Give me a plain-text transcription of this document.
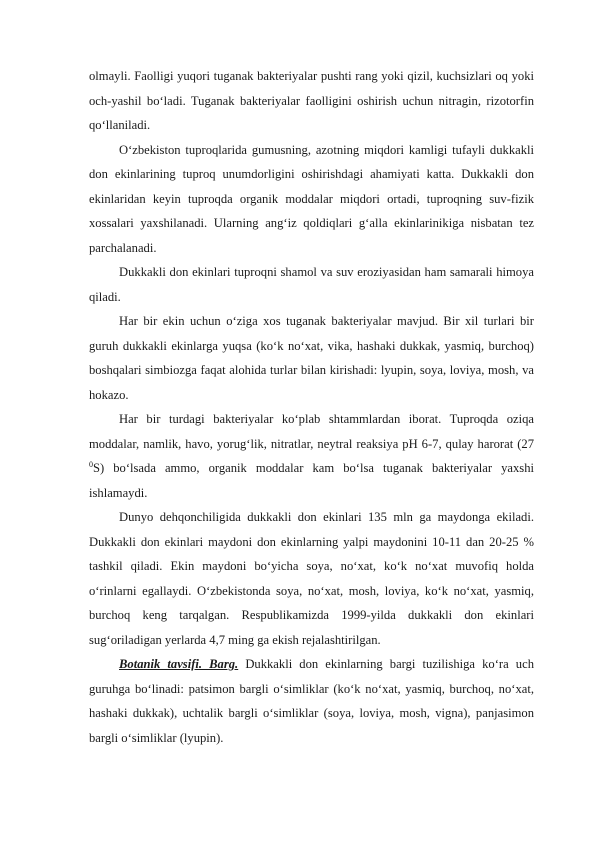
olmayli. Faolligi yuqori tuganak bakteriyalar pushti rang yoki qizil, kuchsizlari oq yoki och-yashil boʻladi. Tuganak bakteriyalar faolligini oshirish uchun nitragin, rizotorfin qoʻllaniladi.

Oʻzbekiston tuproqlarida gumusning, azotning miqdori kamligi tufayli dukkakli don ekinlarining tuproq unumdorligini oshirishdagi ahamiyati katta. Dukkakli don ekinlaridan keyin tuproqda organik moddalar miqdori ortadi, tuproqning suv-fizik xossalari yaxshilanadi. Ularning angʻiz qoldiqlari gʻalla ekinlarinikiga nisbatan tez parchalanadi.

Dukkakli don ekinlari tuproqni shamol va suv eroziyasidan ham samarali himoya qiladi.

Har bir ekin uchun oʻziga xos tuganak bakteriyalar mavjud. Bir xil turlari bir guruh dukkakli ekinlarga yuqsa (koʻk noʻxat, vika, hashaki dukkak, yasmiq, burchoq) boshqalari simbiozga faqat alohida turlar bilan kirishadi: lyupin, soya, loviya, mosh, va hokazo.

Har bir turdagi bakteriyalar koʻplab shtammlardan iborat. Tuproqda oziqa moddalar, namlik, havo, yorugʻlik, nitratlar, neytral reaksiya pH 6-7, qulay harorat (27 $^0$S) boʻlsada ammo, organik moddalar kam boʻlsa tuganak bakteriyalar yaxshi ishlamaydi.

Dunyo dehqonchiligida dukkakli don ekinlari 135 mln ga maydonga ekiladi. Dukkakli don ekinlari maydoni don ekinlarning yalpi maydonini 10-11 dan 20-25 % tashkil qiladi. Ekin maydoni boʻyicha soya, noʻxat, koʻk noʻxat muvofiq holda oʻrinlarni egallaydi. Oʻzbekistonda soya, noʻxat, mosh, loviya, koʻk noʻxat, yasmiq, burchoq keng tarqalgan. Respublikamizda 1999-yilda dukkakli don ekinlari sugʻoriladigan yerlarda 4,7 ming ga ekish rejalashtirilgan.

Botanik tavsifi. Barg. Dukkakli don ekinlarning bargi tuzilishiga koʻra uch guruhga boʻlinadi: patsimon bargli oʻsimliklar (koʻk noʻxat, yasmiq, burchoq, noʻxat, hashaki dukkak), uchtalik bargli oʻsimliklar (soya, loviya, mosh, vigna), panjasimon bargli oʻsimliklar (lyupin).
